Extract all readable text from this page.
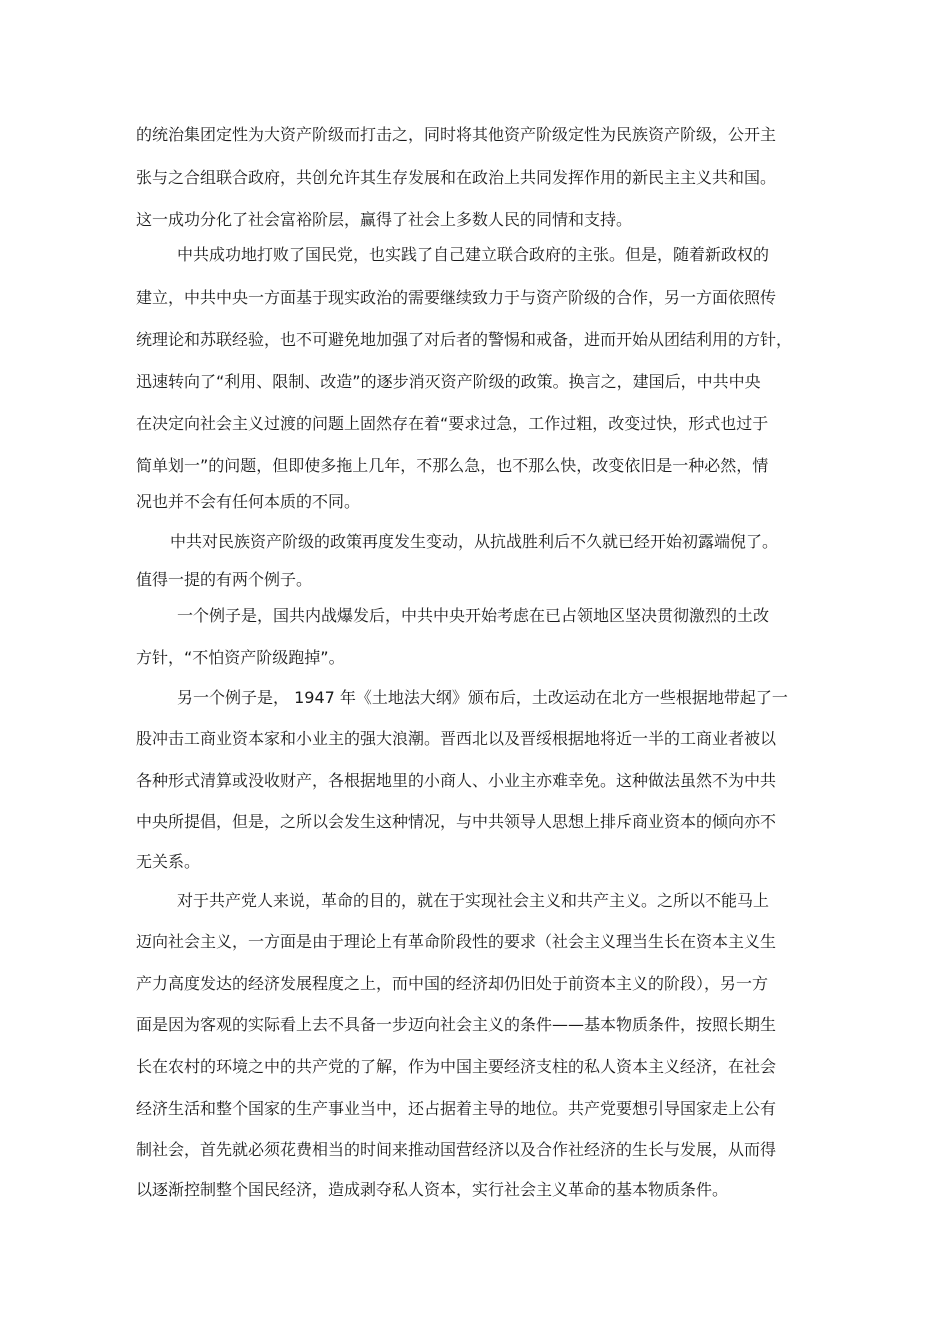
的统治集团定性为大资产阶级而打击之，同时将其他资产阶级定性为民族资产阶级，公开主
张与之合组联合政府，共创允许其生存发展和在政治上共同发挥作用的新民主主义共和国。
这一成功分化了社会富裕阶层，赢得了社会上多数人民的同情和支持。
中共成功地打败了国民党，也实践了自己建立联合政府的主张。但是，随着新政权的
建立，中共中央一方面基于现实政治的需要继续致力于与资产阶级的合作，另一方面依照传
统理论和苏联经验，也不可避免地加强了对后者的警惕和戒备，进而开始从团结利用的方针，
迅速转向了“利用、限制、改造”的逐步消灭资产阶级的政策。换言之，建国后，中共中央
在决定向社会主义过渡的问题上固然存在着“要求过急，工作过粗，改变过快，形式也过于
简单划一”的问题，但即使多拖上几年，不那么急，也不那么快，改变依旧是一种必然，情
况也并不会有任何本质的不同。
中共对民族资产阶级的政策再度发生变动，从抗战胜利后不久就已经开始初露端倪了。
值得一提的有两个例子。
一个例子是，国共内战爆发后，中共中央开始考虑在已占领地区坚决贯彻激烈的土改
方针，“不怕资产阶级跑掉”。
另一个例子是， 1947 年《土地法大纲》颁布后，土改运动在北方一些根据地带起了一
股冲击工商业资本家和小业主的强大浪潮。晋西北以及晋绥根据地将近一半的工商业者被以
各种形式清算或没收财产，各根据地里的小商人、小业主亦难幸免。这种做法虽然不为中共
中央所提倡，但是，之所以会发生这种情况，与中共领导人思想上排斥商业资本的倾向亦不
无关系。
对于共产党人来说，革命的目的，就在于实现社会主义和共产主义。之所以不能马上
迈向社会主义，一方面是由于理论上有革命阶段性的要求（社会主义理当生长在资本主义生
产力高度发达的经济发展程度之上，而中国的经济却仍旧处于前资本主义的阶段），另一方
面是因为客观的实际看上去不具备一步迈向社会主义的条件——基本物质条件，按照长期生
长在农村的环境之中的共产党的了解，作为中国主要经济支柱的私人资本主义经济，在社会
经济生活和整个国家的生产事业当中，还占据着主导的地位。共产党要想引导国家走上公有
制社会，首先就必须花费相当的时间来推动国营经济以及合作社经济的生长与发展，从而得
以逐渐控制整个国民经济，造成剥夺私人资本，实行社会主义革命的基本物质条件。
